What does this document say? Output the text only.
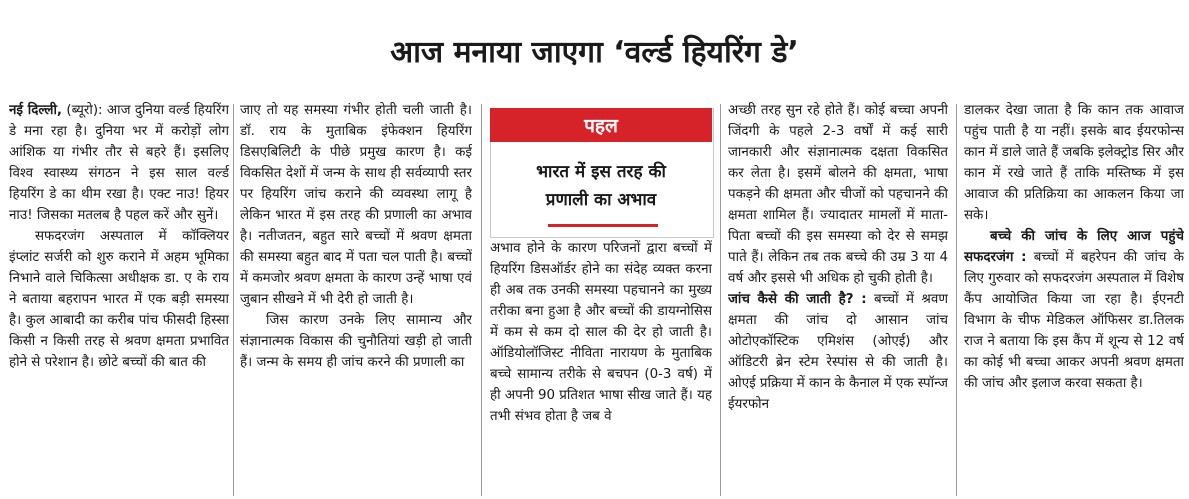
आज मनाया जाएगा ‘वर्ल्ड हियरिंग डे’

नई दिल्ली, (ब्यूरो): आज दुनिया वर्ल्ड हियरिंग डे मना रहा है। दुनिया भर में करोड़ों लोग आंशिक या गंभीर तौर से बहरे हैं। इसलिए विश्व स्वास्थ्य संगठन ने इस साल वर्ल्ड हियरिंग डे का थीम रखा है। एक्ट नाउ! हियर नाउ! जिसका मतलब है पहल करें और सुनें।

सफदरजंग अस्पताल में कॉक्लियर इंप्लांट सर्जरी को शुरु कराने में अहम भूमिका निभाने वाले चिकित्सा अधीक्षक डा. ए के राय ने बताया बहरापन भारत में एक बड़ी समस्या है। कुल आबादी का करीब पांच फीसदी हिस्सा किसी न किसी तरह से श्रवण क्षमता प्रभावित होने से परेशान है। छोटे बच्चों की बात की

जाए तो यह समस्या गंभीर होती चली जाती है। डॉ. राय के मुताबिक इंफेक्शन हियरिंग डिसएबिलिटी के पीछे प्रमुख कारण है। कई विकसित देशों में जन्म के साथ ही सर्वव्यापी स्तर पर हियरिंग जांच कराने की व्यवस्था लागू है लेकिन भारत में इस तरह की प्रणाली का अभाव है। नतीजतन, बहुत सारे बच्चों में श्रवण क्षमता की समस्या बहुत बाद में पता चल पाती है। बच्चों में कमजोर श्रवण क्षमता के कारण उन्हें भाषा एवं जुबान सीखने में भी देरी हो जाती है।

जिस कारण उनके लिए सामान्य और संज्ञानात्मक विकास की चुनौतियां खड़ी हो जाती हैं। जन्म के समय ही जांच करने की प्रणाली का

पहल
भारत में इस तरह की
प्रणाली का अभाव

अभाव होने के कारण परिजनों द्वारा बच्चों में हियरिंग डिसऑर्डर होने का संदेह व्यक्त करना ही अब तक उनकी समस्या पहचानने का मुख्य तरीका बना हुआ है और बच्चों की डायग्नोसिस में कम से कम दो साल की देर हो जाती है। ऑडियोलॉजिस्ट नीविता नारायण के मुताबिक बच्चे सामान्य तरीके से बचपन (0-3 वर्ष) में ही अपनी 90 प्रतिशत भाषा सीख जाते हैं। यह तभी संभव होता है जब वे

अच्छी तरह सुन रहे होते हैं। कोई बच्चा अपनी जिंदगी के पहले 2-3 वर्षों में कई सारी जानकारी और संज्ञानात्मक दक्षता विकसित कर लेता है। इसमें बोलने की क्षमता, भाषा पकड़ने की क्षमता और चीजों को पहचानने की क्षमता शामिल हैं। ज्यादातर मामलों में माता-पिता बच्चों की इस समस्या को देर से समझ पाते हैं। लेकिन तब तक बच्चे की उम्र 3 या 4 वर्ष और इससे भी अधिक हो चुकी होती है।

जांच कैसे की जाती है? : बच्चों में श्रवण क्षमता की जांच दो आसान जांच ओटोएकॉस्टिक एमिशंस (ओएई) और ऑडिटरी ब्रेन स्टेम रेस्पांस से की जाती है। ओएई प्रक्रिया में कान के कैनाल में एक स्पॉन्ज ईयरफोन

डालकर देखा जाता है कि कान तक आवाज पहुंच पाती है या नहीं। इसके बाद ईयरफोन्स कान में डाले जाते हैं जबकि इलेक्ट्रोड सिर और कान में रखे जाते हैं ताकि मस्तिष्क में इस आवाज की प्रतिक्रिया का आकलन किया जा सके।

बच्चे की जांच के लिए आज पहुंचे सफदरजंग : बच्चों में बहरेपन की जांच के लिए गुरुवार को सफदरजंग अस्पताल में विशेष कैंप आयोजित किया जा रहा है। ईएनटी विभाग के चीफ मेडिकल ऑफिसर डा.तिलक राज ने बताया कि इस कैंप में शून्य से 12 वर्ष का कोई भी बच्चा आकर अपनी श्रवण क्षमता की जांच और इलाज करवा सकता है।
